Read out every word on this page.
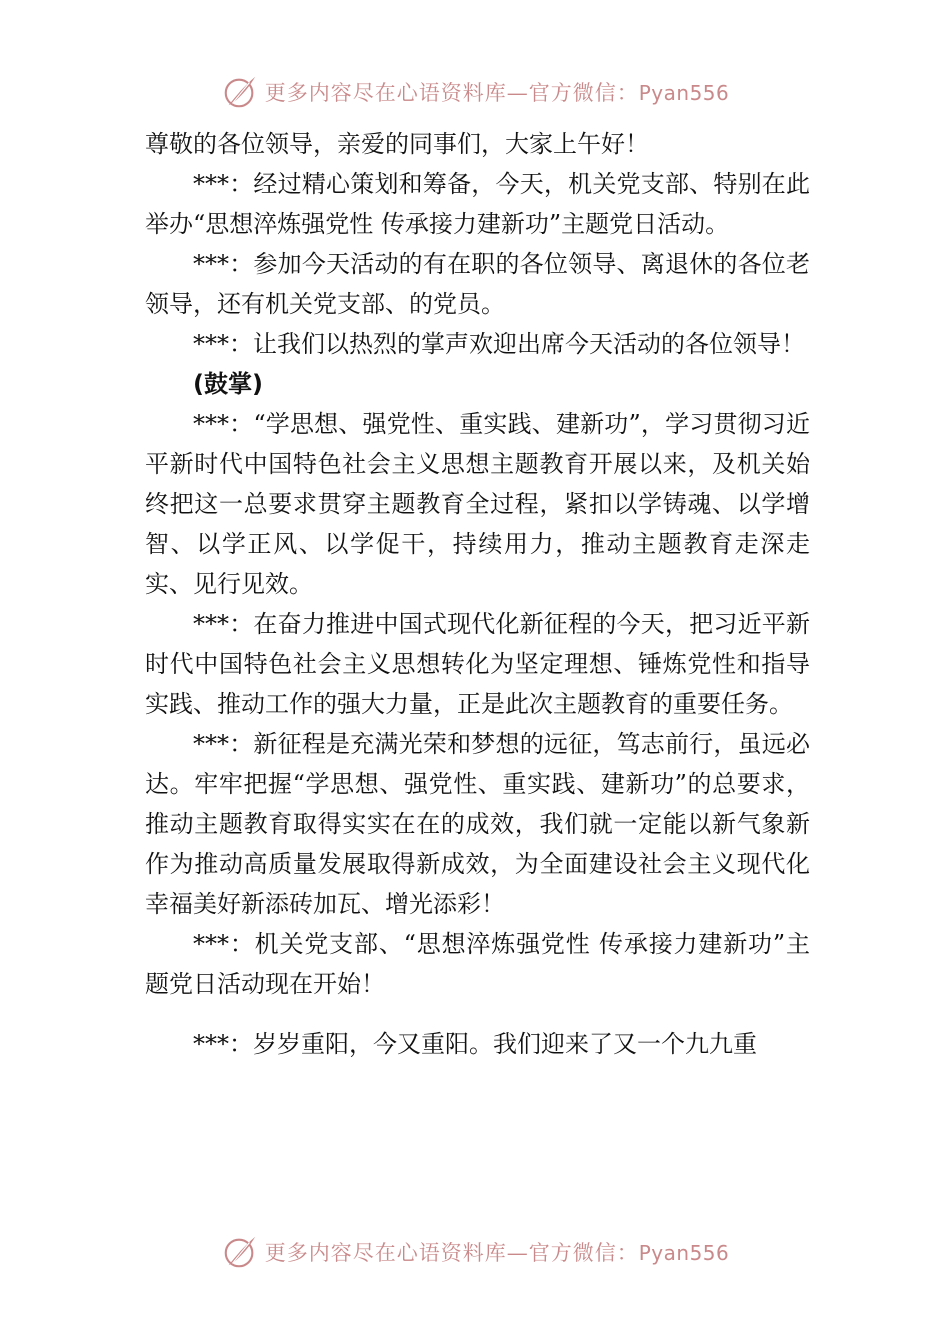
更多内容尽在心语资料库—官方微信：Pyan556

尊敬的各位领导，亲爱的同事们，大家上午好！

***：经过精心策划和筹备，今天，机关党支部、特别在此举办“思想淬炼强党性 传承接力建新功”主题党日活动。

***：参加今天活动的有在职的各位领导、离退休的各位老领导，还有机关党支部、的党员。

***：让我们以热烈的掌声欢迎出席今天活动的各位领导！

(鼓掌)

***：“学思想、强党性、重实践、建新功”，学习贯彻习近平新时代中国特色社会主义思想主题教育开展以来，及机关始终把这一总要求贯穿主题教育全过程，紧扣以学铸魂、以学增智、以学正风、以学促干，持续用力，推动主题教育走深走实、见行见效。

***：在奋力推进中国式现代化新征程的今天，把习近平新时代中国特色社会主义思想转化为坚定理想、锤炼党性和指导实践、推动工作的强大力量，正是此次主题教育的重要任务。

***：新征程是充满光荣和梦想的远征，笃志前行，虽远必达。牢牢把握“学思想、强党性、重实践、建新功”的总要求，推动主题教育取得实实在在的成效，我们就一定能以新气象新作为推动高质量发展取得新成效，为全面建设社会主义现代化幸福美好新添砖加瓦、增光添彩！

***：机关党支部、“思想淬炼强党性 传承接力建新功”主题党日活动现在开始！

***：岁岁重阳，今又重阳。我们迎来了又一个九九重

更多内容尽在心语资料库—官方微信：Pyan556
